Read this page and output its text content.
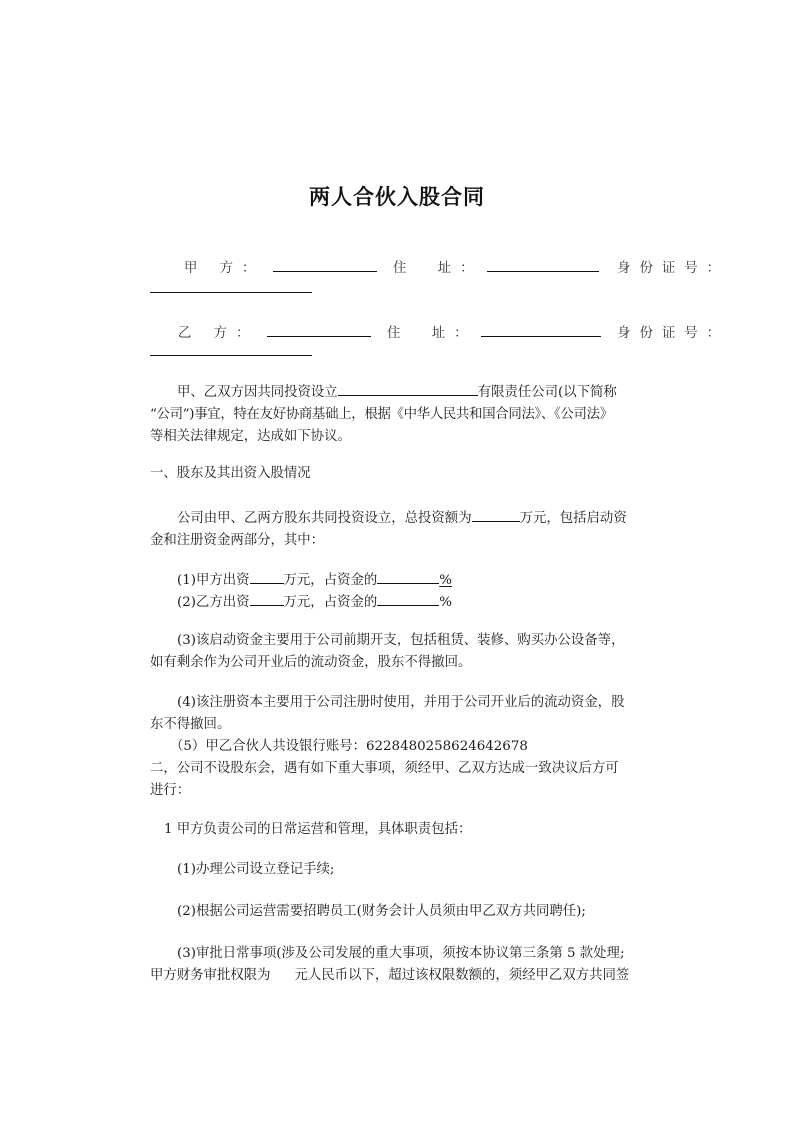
两人合伙入股合同
甲 方：	住　址：	身份证号：
乙 方：	住　址：	身份证号：

甲、乙双方因共同投资设立	有限责任公司(以下简称

“公司”)事宜，特在友好协商基础上，根据《中华人民共和国合同法》、《公司法》

等相关法律规定，达成如下协议。

一、股东及其出资入股情况

公司由甲、乙两方股东共同投资设立，总投资额为	万元，包括启动资

金和注册资金两部分，其中：

(1)甲方出资	万元，占资金的	%

(2)乙方出资	万元，占资金的	%

(3)该启动资金主要用于公司前期开支，包括租赁、装修、购买办公设备等，

如有剩余作为公司开业后的流动资金，股东不得撤回。

(4)该注册资本主要用于公司注册时使用，并用于公司开业后的流动资金，股

东不得撤回。

（5）甲乙合伙人共设银行账号：6228480258624642678

二，公司不设股东会，遇有如下重大事项，须经甲、乙双方达成一致决议后方可

进行：

1 甲方负责公司的日常运营和管理，具体职责包括：

(1)办理公司设立登记手续;

(2)根据公司运营需要招聘员工(财务会计人员须由甲乙双方共同聘任);

(3)审批日常事项(涉及公司发展的重大事项，须按本协议第三条第 5 款处理;

甲方财务审批权限为 元人民币以下，超过该权限数额的，须经甲乙双方共同签
